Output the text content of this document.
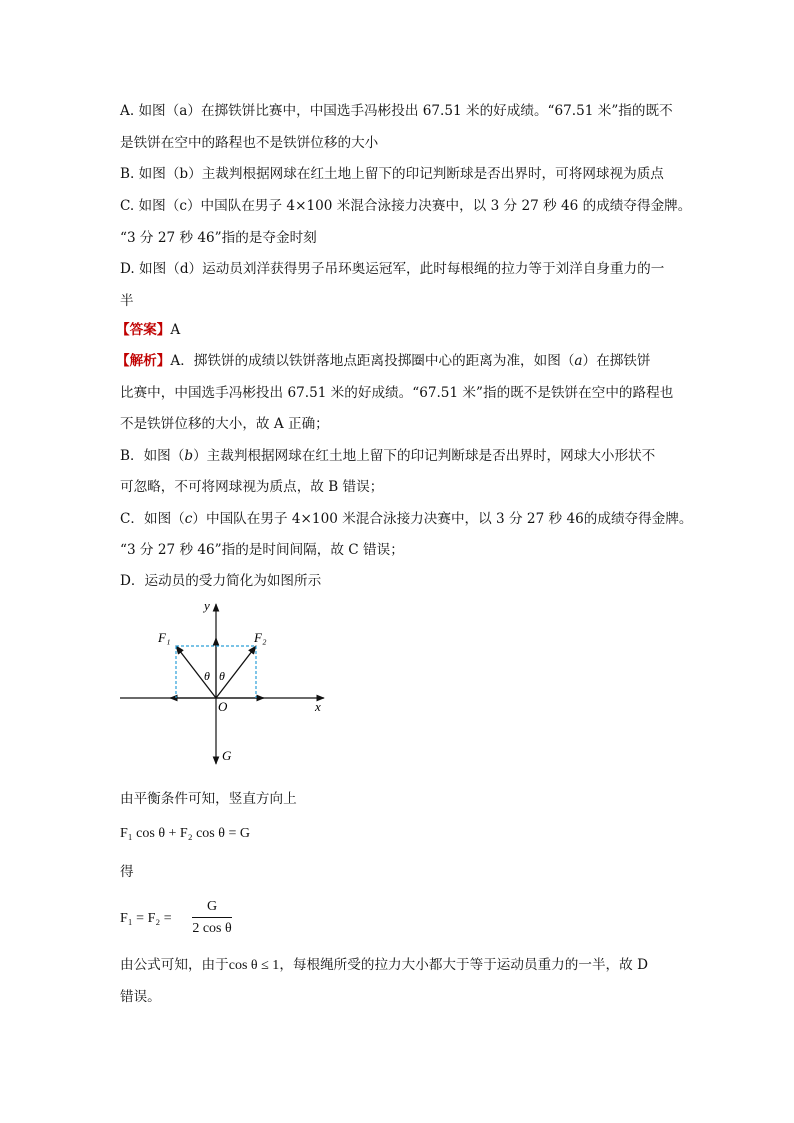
A. 如图（a）在掷铁饼比赛中，中国选手冯彬投出 67.51 米的好成绩。“67.51 米”指的既不
是铁饼在空中的路程也不是铁饼位移的大小
B. 如图（b）主裁判根据网球在红土地上留下的印记判断球是否出界时，可将网球视为质点
C. 如图（c）中国队在男子 4×100 米混合泳接力决赛中，以 3 分 27 秒 46 的成绩夺得金牌。
“3 分 27 秒 46”指的是夺金时刻
D. 如图（d）运动员刘洋获得男子吊环奥运冠军，此时每根绳的拉力等于刘洋自身重力的一
半
【答案】A
【解析】A．掷铁饼的成绩以铁饼落地点距离投掷圈中心的距离为准，如图（a）在掷铁饼
比赛中，中国选手冯彬投出 67.51 米的好成绩。“67.51 米”指的既不是铁饼在空中的路程也
不是铁饼位移的大小，故 A 正确；
B．如图（b）主裁判根据网球在红土地上留下的印记判断球是否出界时，网球大小形状不
可忽略，不可将网球视为质点，故 B 错误；
C．如图（c）中国队在男子 4×100 米混合泳接力决赛中，以 3 分 27 秒 46的成绩夺得金牌。
“3 分 27 秒 46”指的是时间间隔，故 C 错误；
D．运动员的受力简化为如图所示
y
x
O
G
F₁	F₂
θ θ
由平衡条件可知，竖直方向上
F₁ cos θ + F₂ cos θ = G
得
F₁ = F₂ =
G
2 cos θ
由公式可知，由于cos θ ≤ 1，每根绳所受的拉力大小都大于等于运动员重力的一半，故 D
错误。
